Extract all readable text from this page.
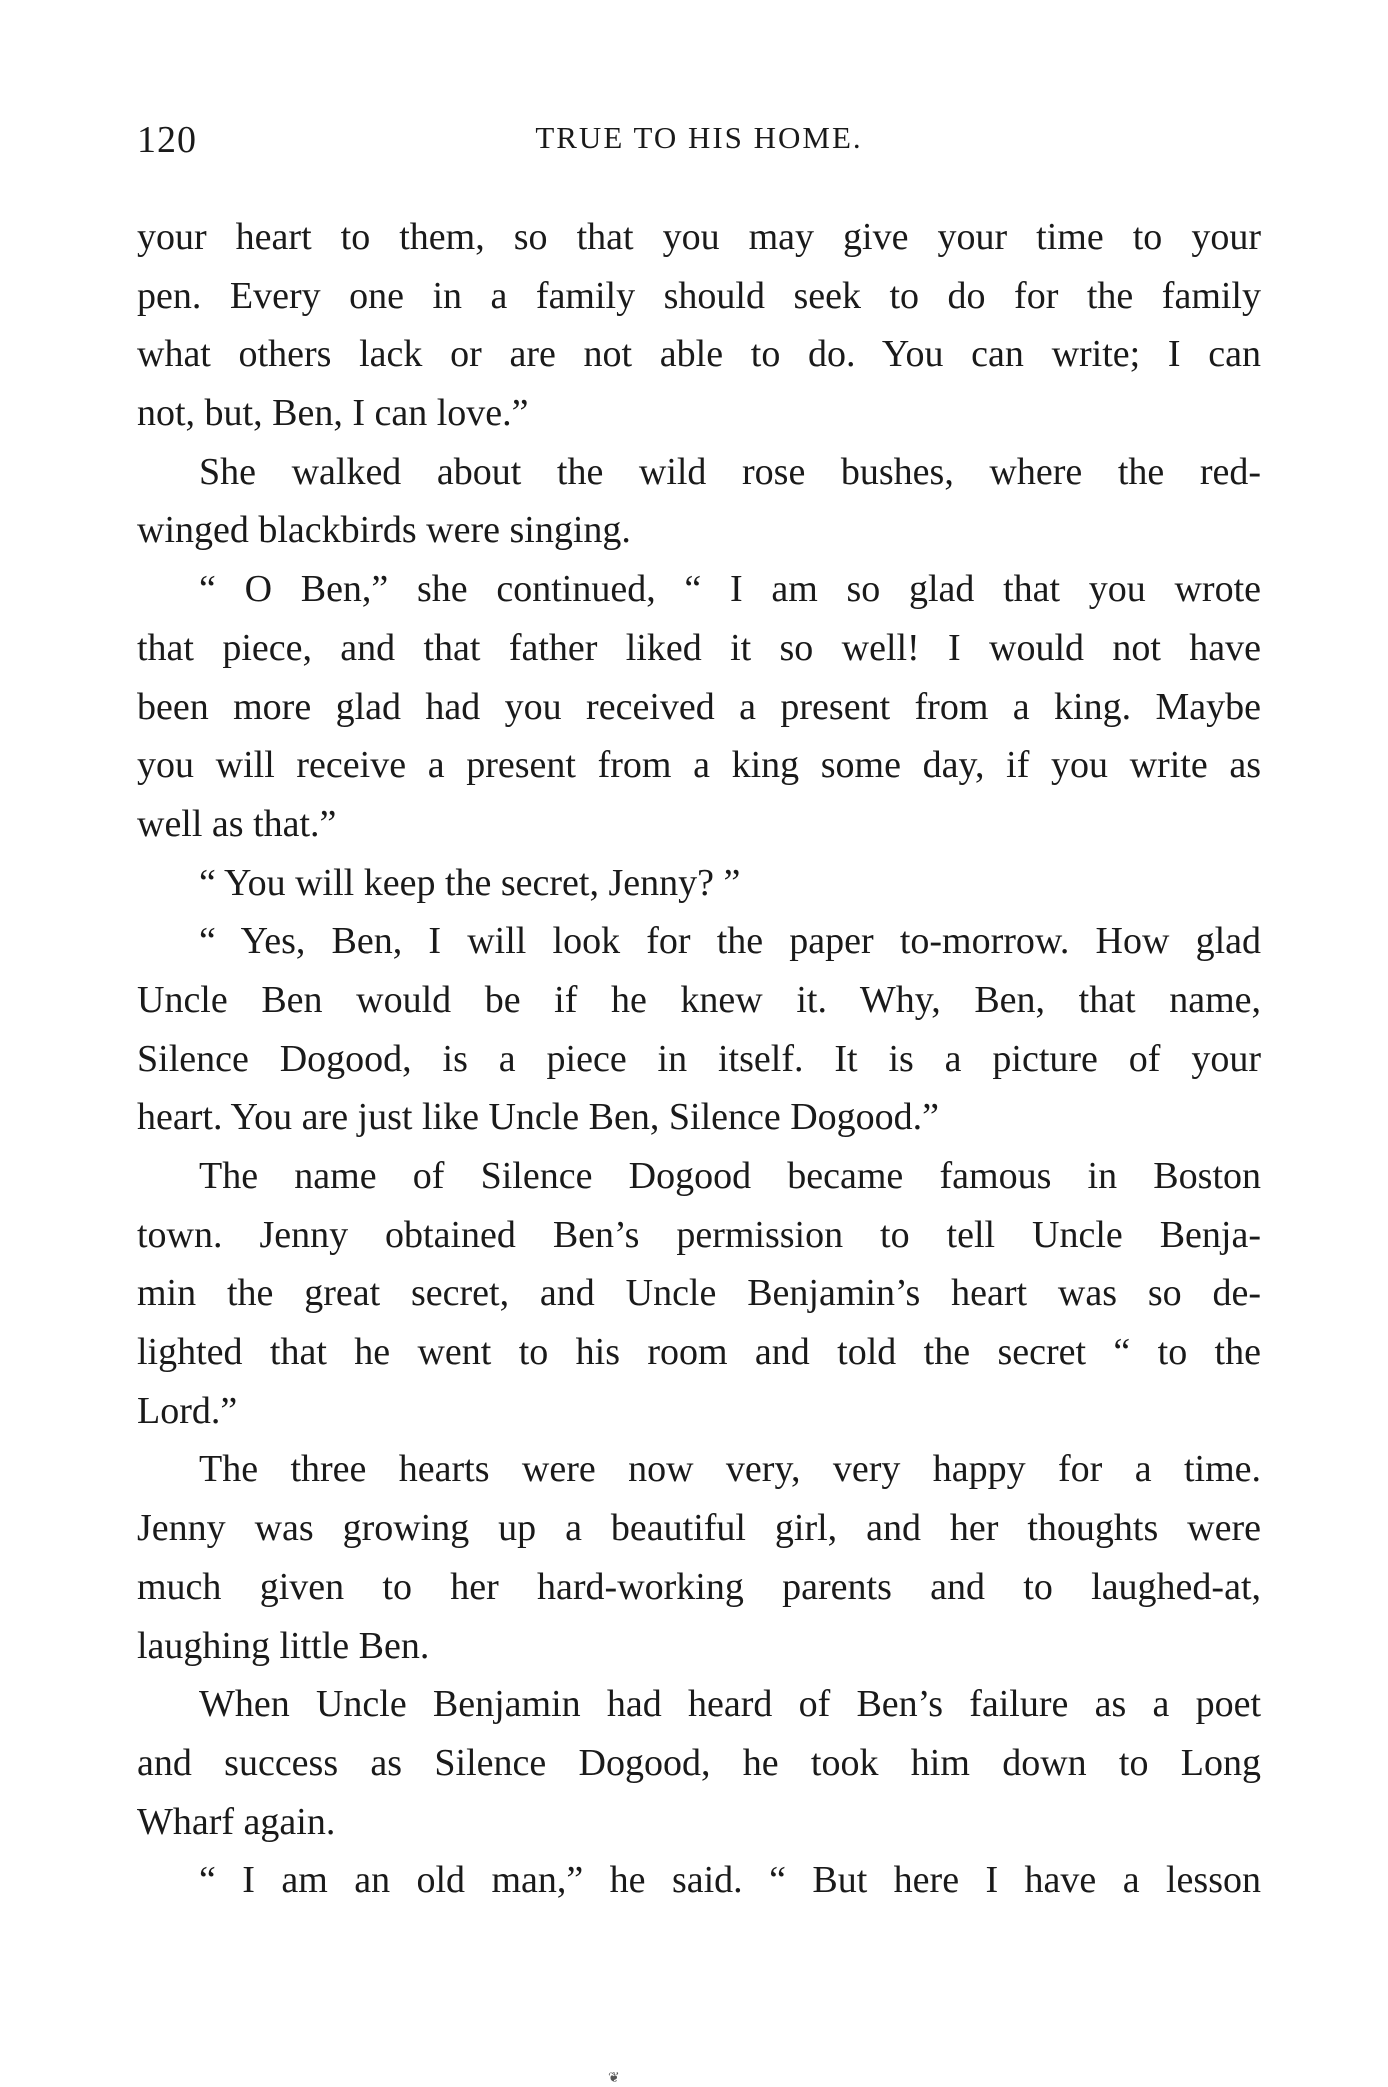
120	TRUE TO HIS HOME.
your heart to them, so that you may give your time to your
pen. Every one in a family should seek to do for the family
what others lack or are not able to do. You can write; I can
not, but, Ben, I can love.”
She walked about the wild rose bushes, where the red-
winged blackbirds were singing.
“ O Ben,” she continued, “ I am so glad that you wrote
that piece, and that father liked it so well! I would not have
been more glad had you received a present from a king. Maybe
you will receive a present from a king some day, if you write as
well as that.”
“ You will keep the secret, Jenny? ”
“ Yes, Ben, I will look for the paper to-morrow. How glad
Uncle Ben would be if he knew it. Why, Ben, that name,
Silence Dogood, is a piece in itself. It is a picture of your
heart. You are just like Uncle Ben, Silence Dogood.”
The name of Silence Dogood became famous in Boston
town. Jenny obtained Ben’s permission to tell Uncle Benja-
min the great secret, and Uncle Benjamin’s heart was so de-
lighted that he went to his room and told the secret “ to the
Lord.”
The three hearts were now very, very happy for a time.
Jenny was growing up a beautiful girl, and her thoughts were
much given to her hard-working parents and to laughed-at,
laughing little Ben.
When Uncle Benjamin had heard of Ben’s failure as a poet
and success as Silence Dogood, he took him down to Long
Wharf again.
“ I am an old man,” he said. “ But here I have a lesson
❦
